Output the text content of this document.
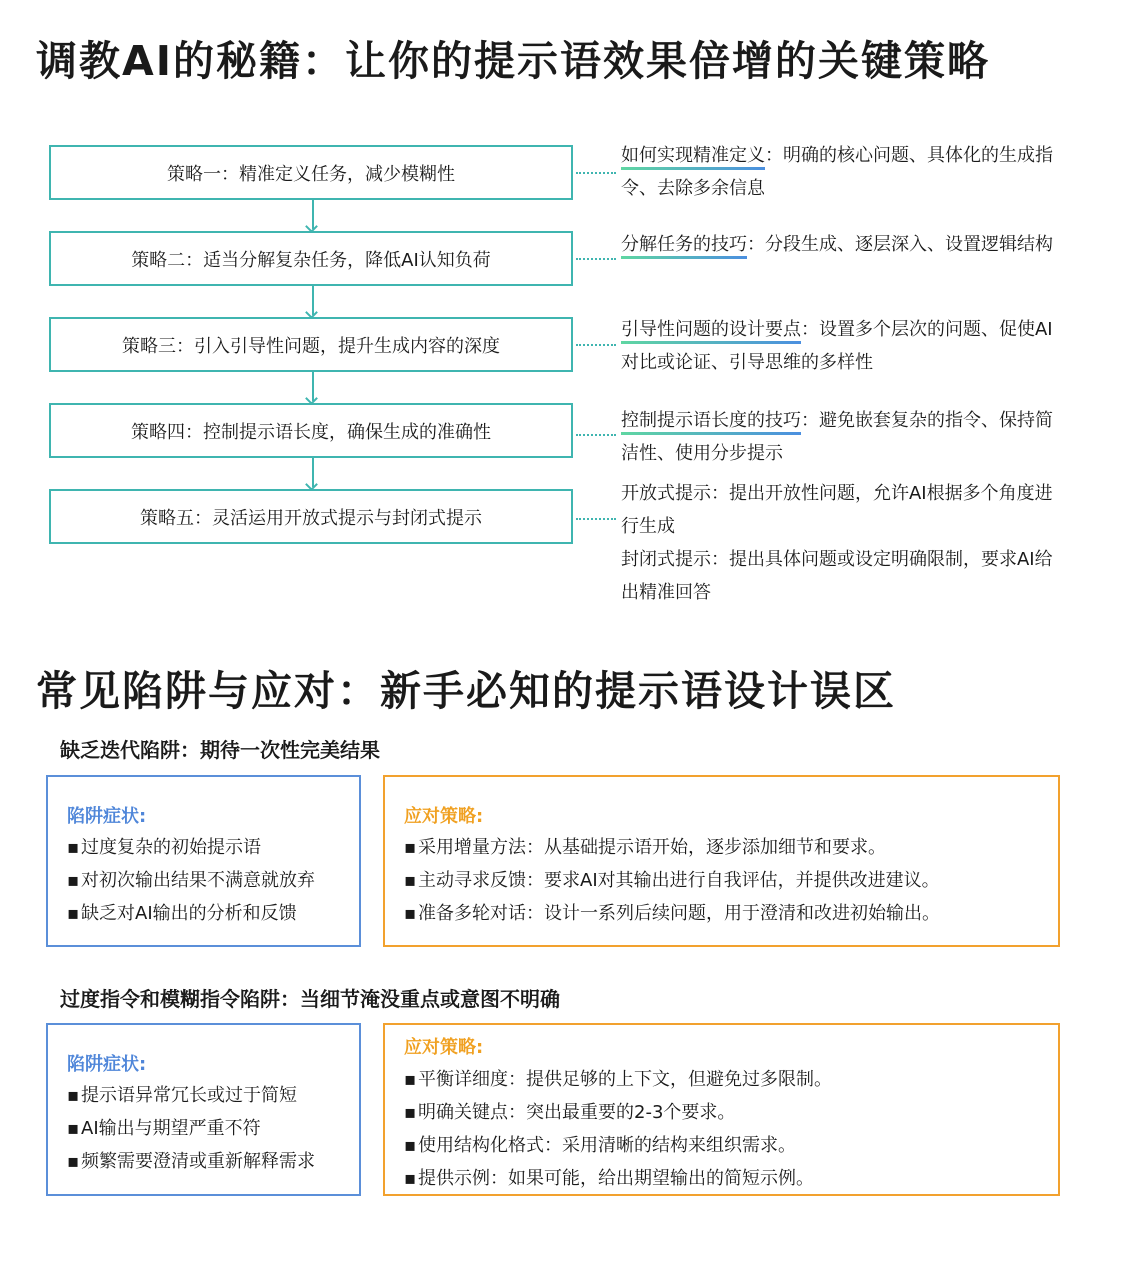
调教AI的秘籍：让你的提示语效果倍增的关键策略
策略一：精准定义任务，减少模糊性
策略二：适当分解复杂任务，降低AI认知负荷
策略三：引入引导性问题，提升生成内容的深度
策略四：控制提示语长度，确保生成的准确性
策略五：灵活运用开放式提示与封闭式提示
如何实现精准定义：明确的核心问题、具体化的生成指令、去除多余信息
分解任务的技巧：分段生成、逐层深入、设置逻辑结构
引导性问题的设计要点：设置多个层次的问题、促使AI对比或论证、引导思维的多样性
控制提示语长度的技巧：避免嵌套复杂的指令、保持简洁性、使用分步提示
开放式提示：提出开放性问题，允许AI根据多个角度进行生成
封闭式提示：提出具体问题或设定明确限制，要求AI给出精准回答
常见陷阱与应对：新手必知的提示语设计误区
缺乏迭代陷阱：期待一次性完美结果
陷阱症状:
▪过度复杂的初始提示语
▪对初次输出结果不满意就放弃
▪缺乏对AI输出的分析和反馈
应对策略:
▪采用增量方法：从基础提示语开始，逐步添加细节和要求。
▪主动寻求反馈：要求AI对其输出进行自我评估，并提供改进建议。
▪准备多轮对话：设计一系列后续问题，用于澄清和改进初始输出。
过度指令和模糊指令陷阱：当细节淹没重点或意图不明确
陷阱症状:
▪提示语异常冗长或过于简短
▪AI输出与期望严重不符
▪频繁需要澄清或重新解释需求
应对策略:
▪平衡详细度：提供足够的上下文，但避免过多限制。
▪明确关键点：突出最重要的2-3个要求。
▪使用结构化格式：采用清晰的结构来组织需求。
▪提供示例：如果可能，给出期望输出的简短示例。
